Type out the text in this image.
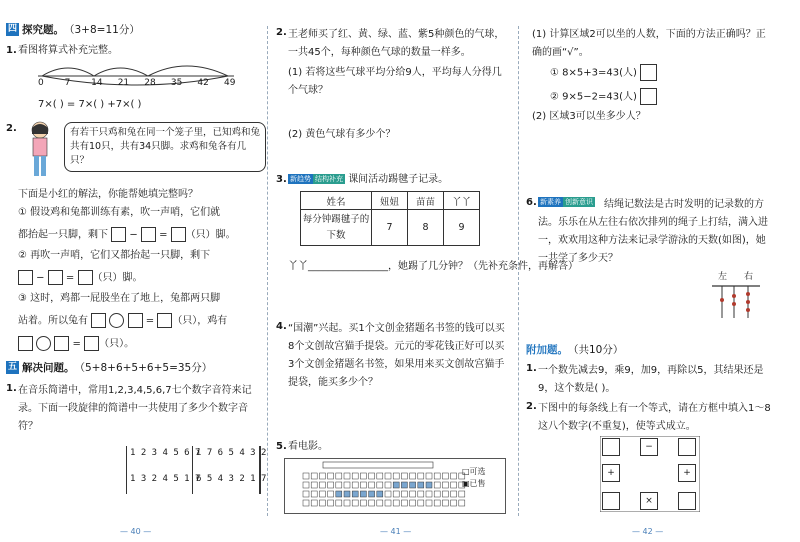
四 探究题。 （3+8=11分）
1. 看图将算式补充完整。
0 7 14 21 28 35 42 49
7×( ) = 7×( ) +7×( )
2.	有若干只鸡和兔在同一个笼子里，已知鸡和兔共有10只，共有34只脚。求鸡和兔各有几只？
下面是小红的解法，你能帮她填完整吗？
① 假设鸡和兔都训练有素，吹一声哨，它们就
都抬起一只脚，剩下  −  = （只）脚。
② 再吹一声哨，它们又都抬起一只脚，剩下
−  = （只）脚。
③ 这时，鸡都一屁股坐在了地上，兔都两只脚
站着。所以兔有	= （只），鸡有
= （只）。
五 解决问题。 （5+8+6+5+6+5=35分）
1. 在音乐简谱中，常用1,2,3,4,5,6,7七个数字音符来记录。下面一段旋律的简谱中一共使用了多少个数字音符？
1 2 3 4 5 6 7
i 7 6 5 4 3 2
1 3 2 4 5 1 7
6 5 4 3 2 1 7
— 40 —
2. 王老师买了红、黄、绿、蓝、紫5种颜色的气球，一共45个，每种颜色气球的数量一样多。
(1) 若将这些气球平均分给9人，平均每人分得几个气球？
(2) 黄色气球有多少个？
3. 新趋势 结构补充 课间活动踢毽子记录。
姓名	妞妞	苗苗	丫丫
每分钟踢毽子的下数	7	8	9
丫丫________________，她踢了几分钟？（先补充条件，再解答）
4. “国潮”兴起。买1个文创金猪题名书签的钱可以买8个文创故宫猫手提袋。元元的零花钱正好可以买3个文创金猪题名书签，如果用来买文创故宫猫手提袋，能买多少个？
5. 看电影。
□可选
▣已售
— 41 —
(1) 计算区域2可以坐的人数，下面的方法正确吗？正确的画“√”。
① 8×5+3=43(人)
② 9×5−2=43(人)
(2) 区域3可以坐多少人？
6. 新素养 创新意识	结绳记数法是古时发明的记录数的方法。乐乐在从左往右依次排列的绳子上打结，满入进一，欢欢用这种方法来记录学游泳的天数(如图)，她一共学了多少天？
左 右
附加题。 （共10分）
1. 一个数先减去9，乘9，加9，再除以5，其结果还是9，这个数是( )。
2. 下图中的每条线上有一个等式，请在方框中填入1～8这八个数字(不重复)，使等式成立。
−
+	+
×
— 42 —
